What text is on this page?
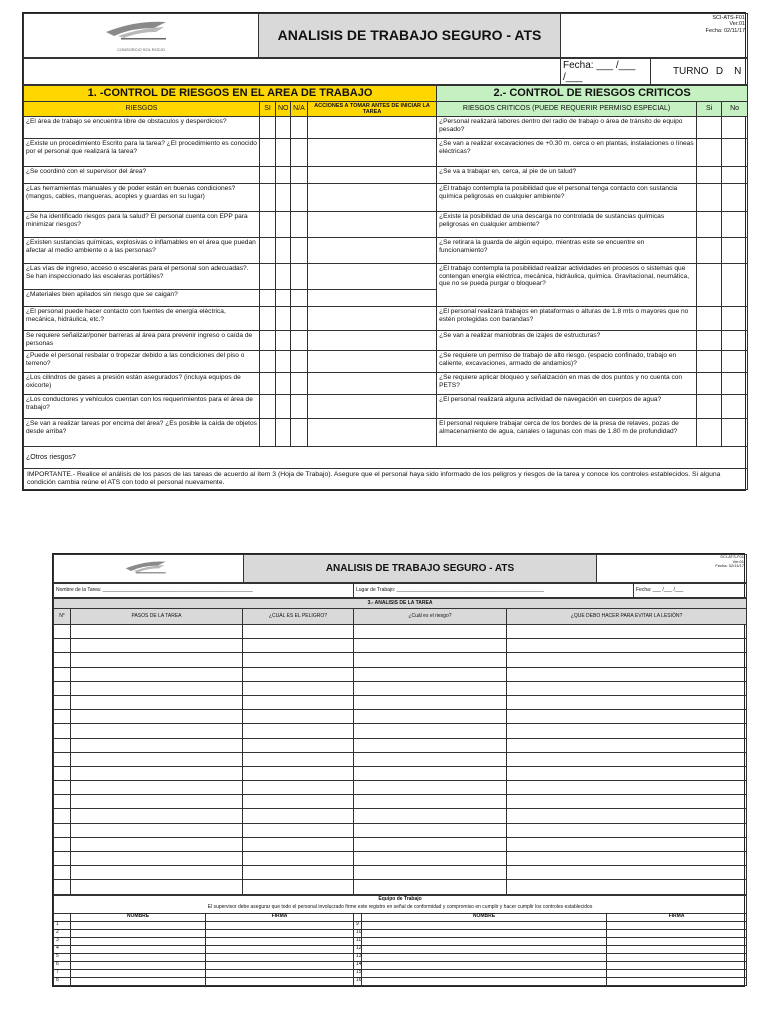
CONSORCIO SOL ROCIO
	ANALISIS DE TRABAJO SEGURO - ATS	
SCI-ATS-F01
Ver.01
Fecha: 02/11/17
	Fecha: ___ /___ /___	TURNO	D	N
1. -CONTROL DE RIESGOS EN EL AREA DE TRABAJO					2.- CONTROL DE RIESGOS CRITICOS		
RIESGOS	SI	NO	N/A	ACCIONES A TOMAR ANTES DE INICIAR LA TAREA	RIESGOS CRITICOS (PUEDE REQUERIR PERMISO ESPECIAL)	Si	No
¿El área de trabajo se encuentra libre de obstaculos y desperdicios?					¿Personal realizará labores dentro del radio de trabajo o área de tránsito de equipo pesado?		
¿Existe un procedimiento Escrito para la tarea? ¿El procedimiento es conocido por el personal que realizará la tarea?					¿Se van a realizar excavaciones de +0.30 m. cerca o en plantas, instalaciones o líneas eléctricas?		
¿Se coordinó con el supervisor del área?					¿Se va a trabajar en, cerca, al pie de un talud?		
¿Las herramientas manuales y de poder están en buenas condiciones? (mangos, cables, mangueras, acoples y guardas en su lugar)					¿El trabajo contempla la posibilidad que el personal tenga contacto con sustancia química peligrosas en cualquier ambiente?		
¿Se ha identificado riesgos para la salud? El personal cuenta con EPP para minimizar riesgos?					¿Existe la posibilidad de una descarga no controlada de sustancias químicas peligrosas en cualquier ambiente?		
¿Existen sustancias químicas, explosivas o inflamables en el área que puedan afectar al medio ambiente o a las personas?					¿Se retirara la guarda de algún equipo, mientras este se encuentre en funcionamiento?		
¿Las vías de ingreso, acceso o escaleras para el personal son adecuadas?. Se han inspeccionado las escaleras portátiles?					¿El trabajo contempla la posibilidad realizar actividades en procesos o sistemas que contengan energía eléctrica, mecánica, hidráulica, química. Gravitacional, neumática, que no se pueda purgar o bloquear?		
¿Materiales bien apilados sin riesgo que se caigan?							
¿El personal puede hacer contacto con fuentes de energía eléctrica, mecánica, hidráulica, etc.?					¿El personal realizará trabajos en plataformas o alturas de 1.8 mts o mayores que no estén protegidas con barandas?		
Se requiere señalizar/poner barreras al área para prevenir ingreso o caída de personas					¿Se van a realizar maniobras de izajes de estructuras?		
¿Puede el personal resbalar o tropezar debido a las condiciones del piso o terreno?					¿Se requiere un permiso de trabajo de alto riesgo. (espacio confinado, trabajo en caliente, excavaciones, armado de andamios)?		
¿Los cilindros de gases a presión están asegurados? (incluya equipos de oxicorte)					¿Se requiere aplicar bloqueo y señalización en mas de dos puntos y no cuenta con PETS?		
¿Los conductores y vehículos cuentan con los requerimientos para el área de trabajo?					¿El personal realizará alguna actividad de navegación en cuerpos de agua?		
¿Se van a realizar tareas por encima del área? ¿Es posible la caída de objetos desde arriba?					El personal requiere trabajar cerca de los bordes de la presa de relaves, pozas de almacenamiento de agua, canales o lagunas con mas de 1.80 m de profundidad?		
¿Otros riesgos?							
IMPORTANTE.- Realice el análisis de los pasos de las tareas de acuerdo al ítem 3 (Hoja de Trabajo). Asegure que el personal haya sido informado de los peligros y riesgos de la tarea y conoce los controles establecidos. Si alguna condición cambia reúne el ATS con todo el personal nuevamente.							
	ANALISIS DE TRABAJO SEGURO - ATS	
SCI-ATS-F01
Ver.01
Fecha: 02/11/17
Nombre de la Tarea: ______________________________________________________	Lugar de Trabajo: _____________________________________________________	Fecha: ___ /___ /___
3.- ANALISIS DE LA TAREA				
N°	PASOS DE LA TAREA	¿CUÁL ES EL PELIGRO?	¿Cuál es el riesgo?	¿QUE DEBO HACER PARA EVITAR LA LESIÓN?

Equipo de Trabajo					
El supervisor debe asegurar que todo el personal involucrado firme este registro en señal de conformidad y compromiso en cumplir y hacer cumplir los controles establecidos					
	NOMBRE	FIRMA		NOMBRE	FIRMA
1			9		
2			10		
3			11		
4			12		
5			13		
6			14		
7			15		
8			16		
